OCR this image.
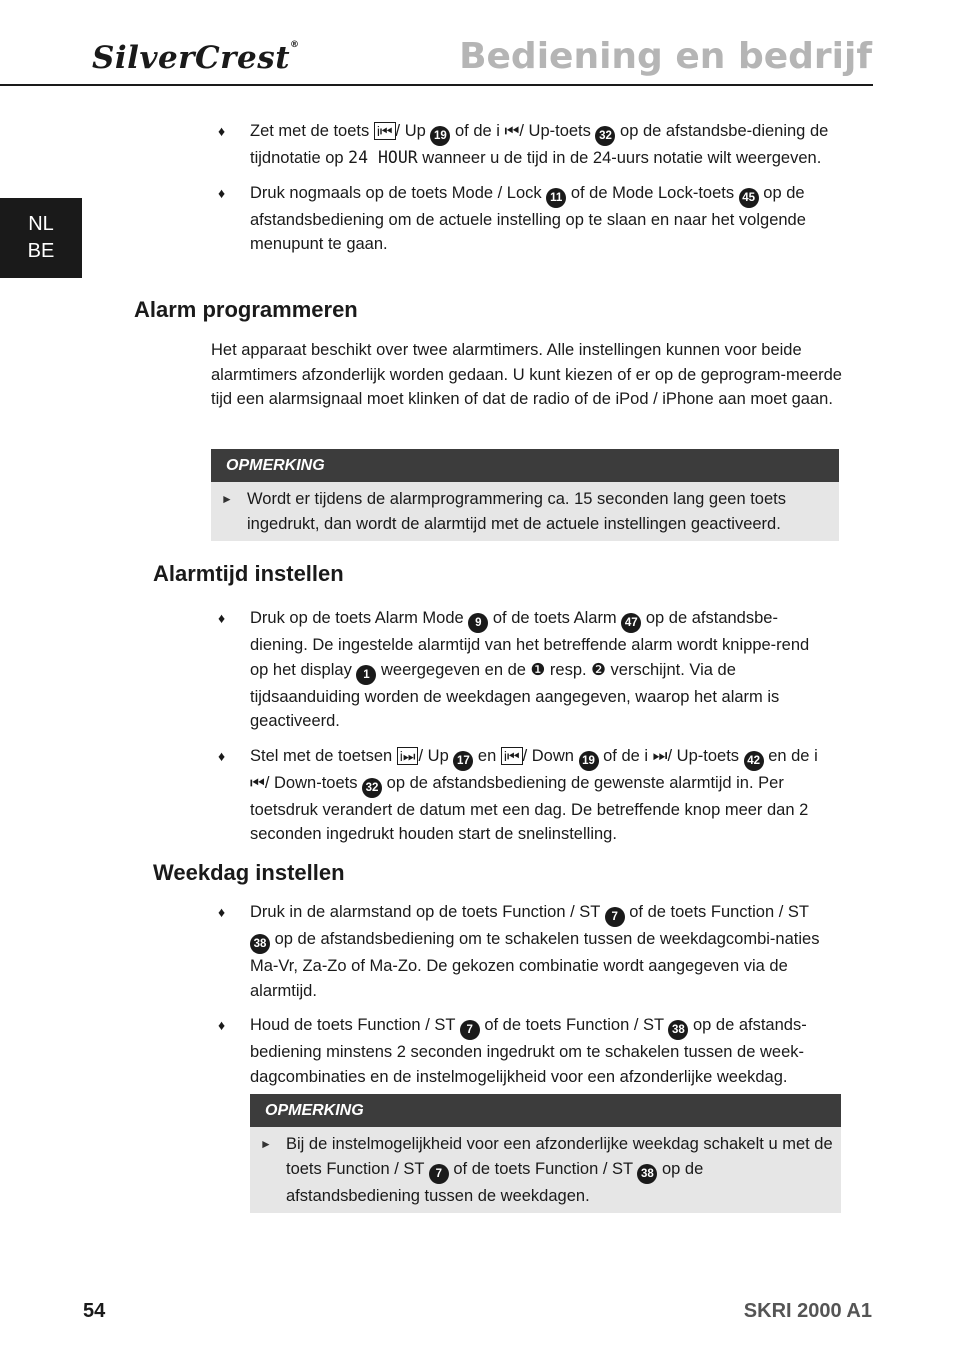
SilverCrest®	Bediening en bedrijf
NL
BE
♦ Zet met de toets i⏮ / Up 19 of de i ⏮/ Up-toets 32 op de afstandsbe-diening de tijdnotatie op 24 HOUR wanneer u de tijd in de 24-uurs notatie wilt weergeven.
♦ Druk nogmaals op de toets Mode / Lock 11 of de Mode Lock-toets 45 op de afstandsbediening om de actuele instelling op te slaan en naar het volgende menupunt te gaan.
Alarm programmeren

Het apparaat beschikt over twee alarmtimers. Alle instellingen kunnen voor beide alarmtimers afzonderlijk worden gedaan. U kunt kiezen of er op de geprogram-meerde tijd een alarmsignaal moet klinken of dat de radio of de iPod / iPhone aan moet gaan.

OPMERKING
► Wordt er tijdens de alarmprogrammering ca. 15 seconden lang geen toets ingedrukt, dan wordt de alarmtijd met de actuele instellingen geactiveerd.
Alarmtijd instellen
♦ Druk op de toets Alarm Mode 9 of de toets Alarm 47 op de afstandsbe-diening. De ingestelde alarmtijd van het betreffende alarm wordt knippe-rend op het display 1 weergegeven en de ❶ resp. ❷ verschijnt. Via de tijdsaanduiding worden de weekdagen aangegeven, waarop het alarm is geactiveerd.
♦ Stel met de toetsen i⏭ / Up 17 en i⏮ / Down 19 of de i ⏭/ Up-toets 42 en de i ⏮/ Down-toets 32 op de afstandsbediening de gewenste alarmtijd in. Per toetsdruk verandert de datum met een dag. De betreffende knop meer dan 2 seconden ingedrukt houden start de snelinstelling.
Weekdag instellen
♦ Druk in de alarmstand op de toets Function / ST 7 of de toets Function / ST 38 op de afstandsbediening om te schakelen tussen de weekdagcombi-naties Ma-Vr, Za-Zo of Ma-Zo. De gekozen combinatie wordt aangegeven via de alarmtijd.
♦ Houd de toets Function / ST 7 of de toets Function / ST 38 op de afstands-bediening minstens 2 seconden ingedrukt om te schakelen tussen de week-dagcombinaties en de instelmogelijkheid voor een afzonderlijke weekdag.
OPMERKING
► Bij de instelmogelijkheid voor een afzonderlijke weekdag schakelt u met de toets Function / ST 7 of de toets Function / ST 38 op de afstandsbediening tussen de weekdagen.
54	SKRI 2000 A1
